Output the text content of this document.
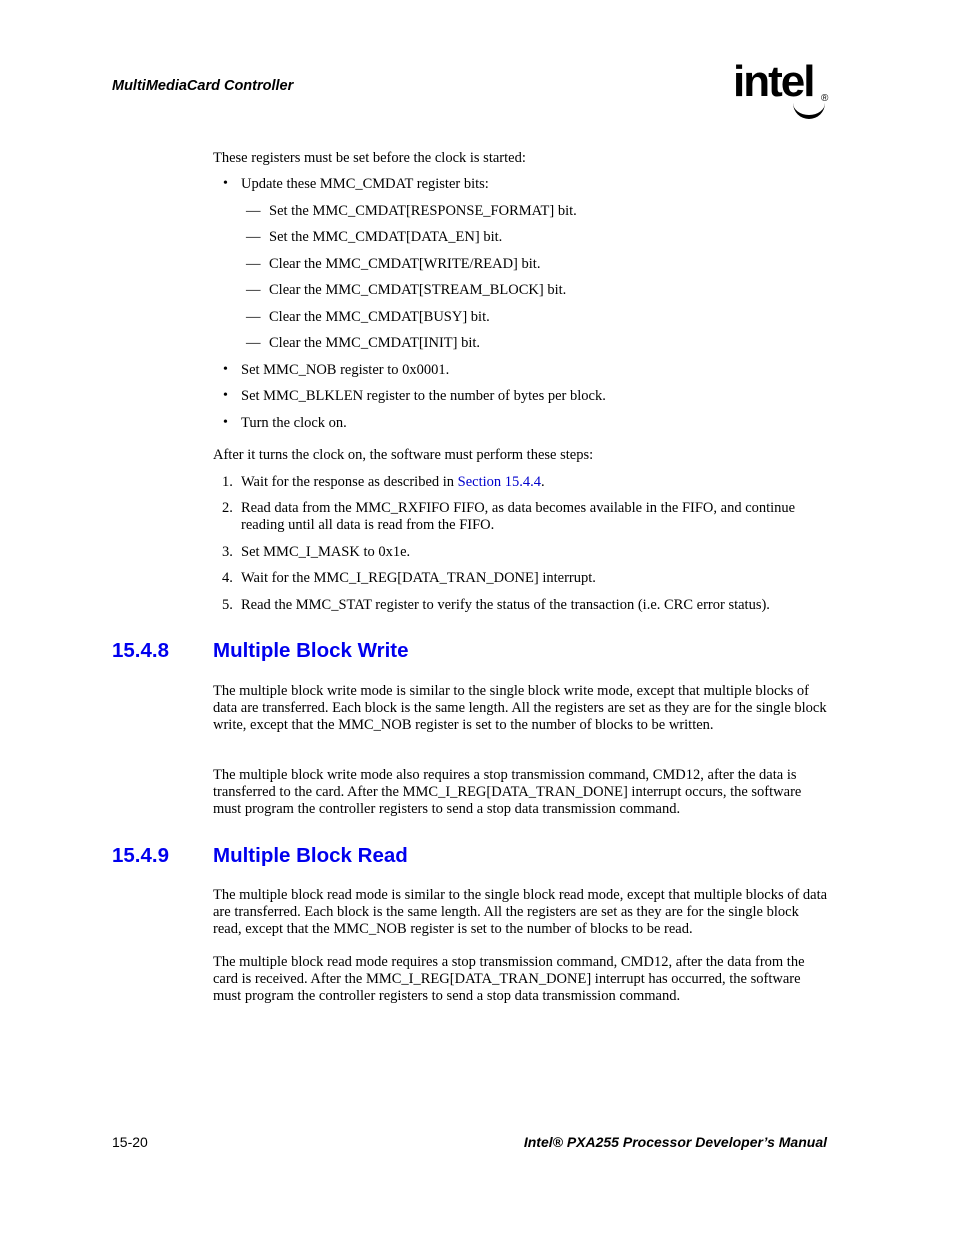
MultiMediaCard Controller	intel ®
These registers must be set before the clock is started:
• Update these MMC_CMDAT register bits:
— Set the MMC_CMDAT[RESPONSE_FORMAT] bit.
— Set the MMC_CMDAT[DATA_EN] bit.
— Clear the MMC_CMDAT[WRITE/READ] bit.
— Clear the MMC_CMDAT[STREAM_BLOCK] bit.
— Clear the MMC_CMDAT[BUSY] bit.
— Clear the MMC_CMDAT[INIT] bit.
• Set MMC_NOB register to 0x0001.
• Set MMC_BLKLEN register to the number of bytes per block.
• Turn the clock on.
After it turns the clock on, the software must perform these steps:
1. Wait for the response as described in Section 15.4.4.
2. Read data from the MMC_RXFIFO FIFO, as data becomes available in the FIFO, and continue reading until all data is read from the FIFO.
3. Set MMC_I_MASK to 0x1e.
4. Wait for the MMC_I_REG[DATA_TRAN_DONE] interrupt.
5. Read the MMC_STAT register to verify the status of the transaction (i.e. CRC error status).
15.4.8 Multiple Block Write

The multiple block write mode is similar to the single block write mode, except that multiple blocks of data are transferred. Each block is the same length. All the registers are set as they are for the single block write, except that the MMC_NOB register is set to the number of blocks to be written.

The multiple block write mode also requires a stop transmission command, CMD12, after the data is transferred to the card. After the MMC_I_REG[DATA_TRAN_DONE] interrupt occurs, the software must program the controller registers to send a stop data transmission command.

15.4.9 Multiple Block Read

The multiple block read mode is similar to the single block read mode, except that multiple blocks of data are transferred. Each block is the same length. All the registers are set as they are for the single block read, except that the MMC_NOB register is set to the number of blocks to be read.

The multiple block read mode requires a stop transmission command, CMD12, after the data from the card is received. After the MMC_I_REG[DATA_TRAN_DONE] interrupt has occurred, the software must program the controller registers to send a stop data transmission command.

15-20	Intel® PXA255 Processor Developer’s Manual
